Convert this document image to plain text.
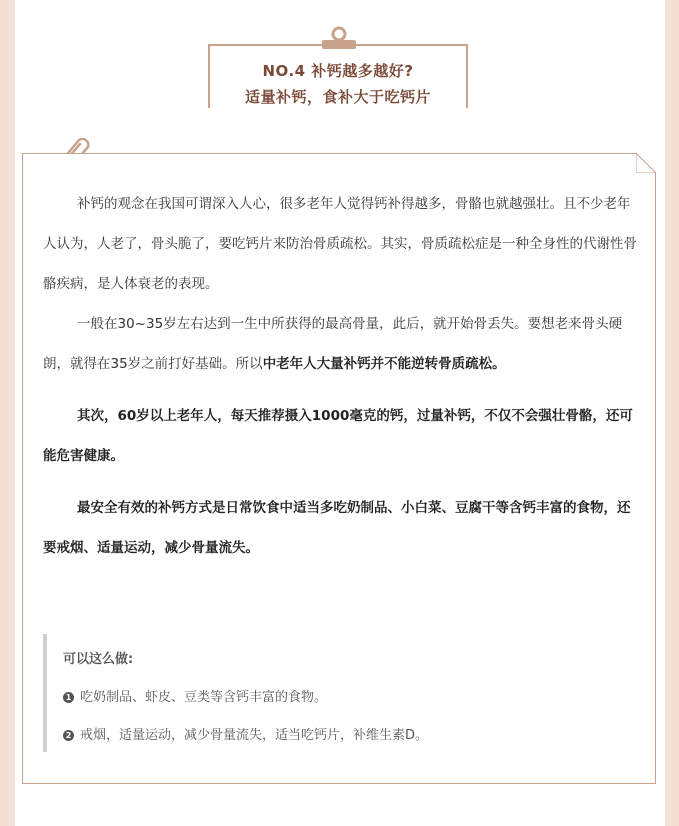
NO.4 补钙越多越好?
适量补钙，食补大于吃钙片

补钙的观念在我国可谓深入人心，很多老年人觉得钙补得越多，骨骼也就越强壮。且不少老年人认为，人老了，骨头脆了，要吃钙片来防治骨质疏松。其实，骨质疏松症是一种全身性的代谢性骨骼疾病，是人体衰老的表现。

一般在30~35岁左右达到一生中所获得的最高骨量，此后，就开始骨丢失。要想老来骨头硬朗，就得在35岁之前打好基础。所以中老年人大量补钙并不能逆转骨质疏松。

其次，60岁以上老年人，每天推荐摄入1000毫克的钙，过量补钙，不仅不会强壮骨骼，还可能危害健康。

最安全有效的补钙方式是日常饮食中适当多吃奶制品、小白菜、豆腐干等含钙丰富的食物，还要戒烟、适量运动，减少骨量流失。

可以这么做:
1 吃奶制品、虾皮、豆类等含钙丰富的食物。
2 戒烟，适量运动，减少骨量流失，适当吃钙片，补维生素D。
